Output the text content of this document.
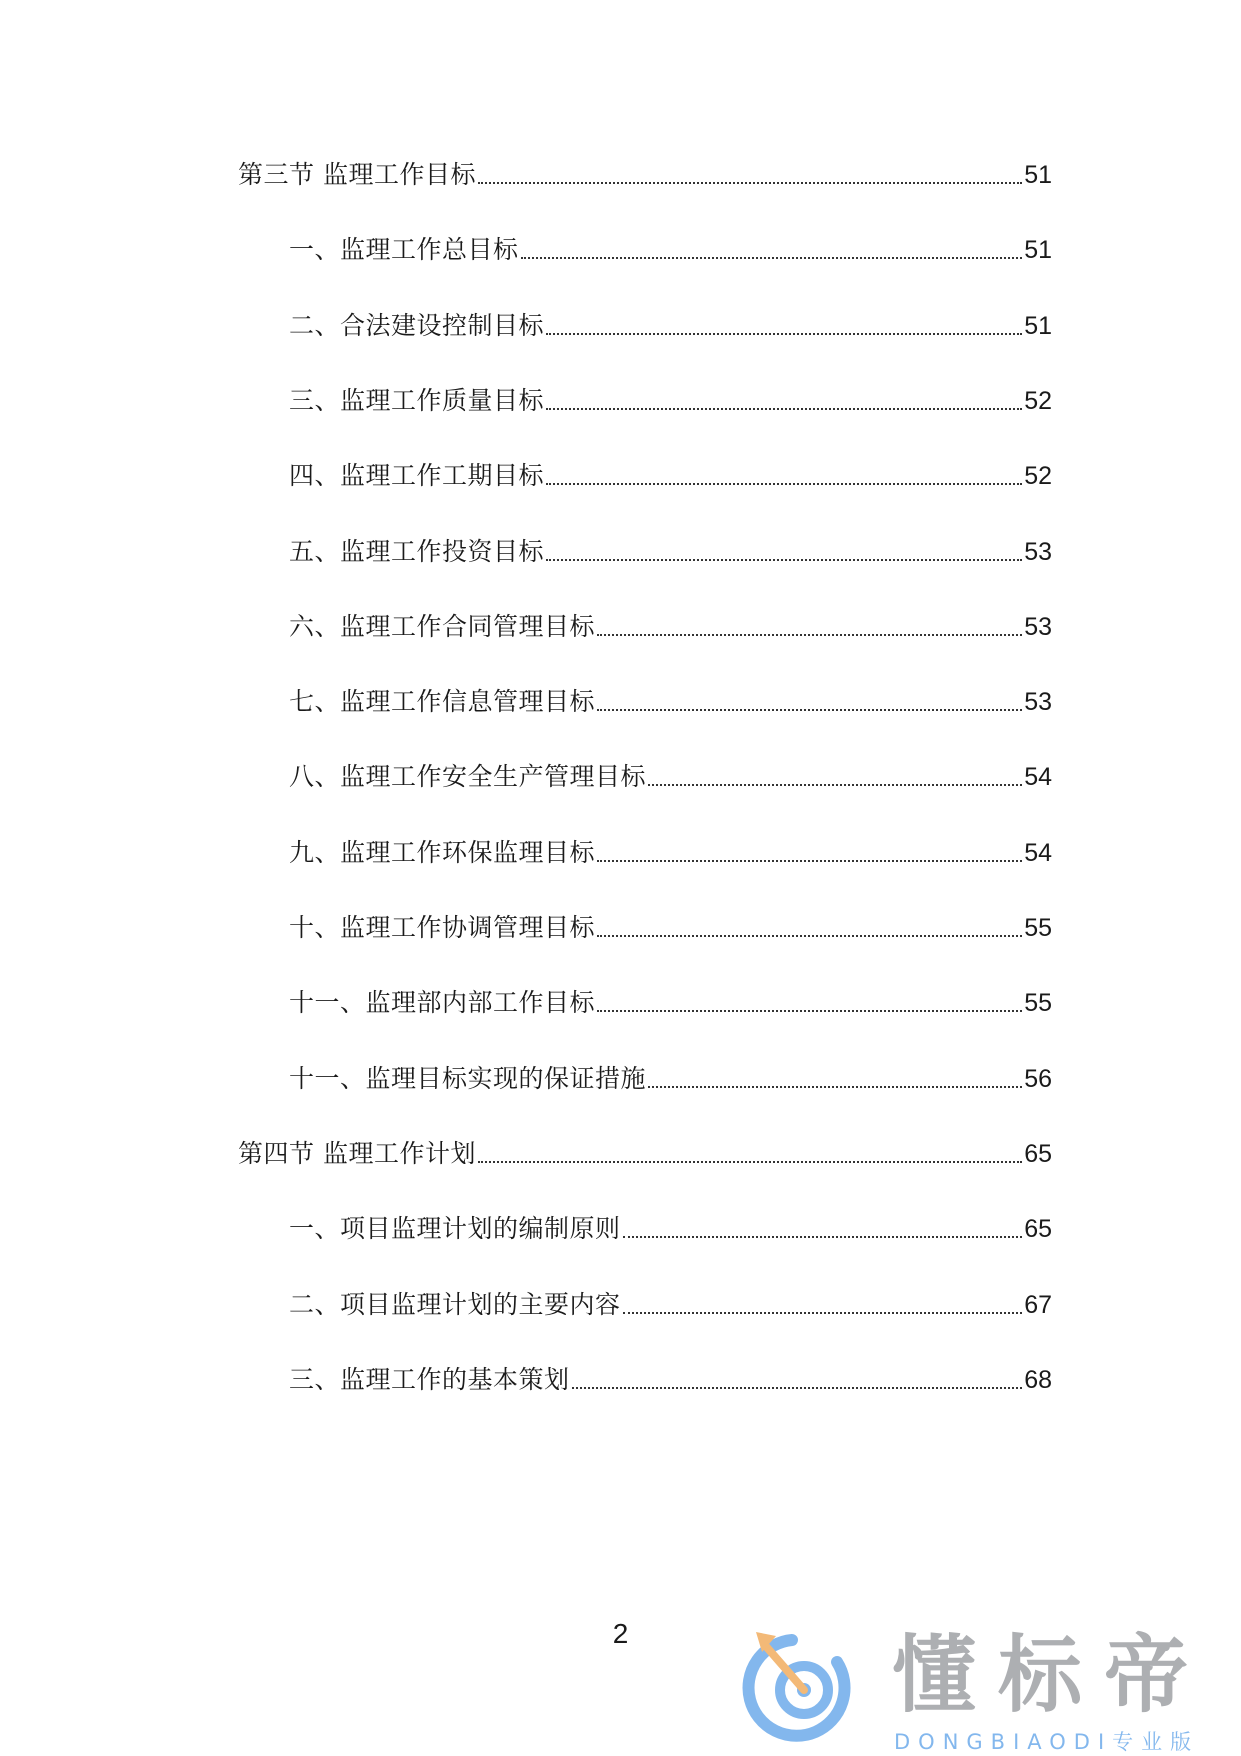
第三节 监理工作目标	51
一、监理工作总目标	51
二、合法建设控制目标	51
三、监理工作质量目标	52
四、监理工作工期目标	52
五、监理工作投资目标	53
六、监理工作合同管理目标	53
七、监理工作信息管理目标	53
八、监理工作安全生产管理目标	54
九、监理工作环保监理目标	54
十、监理工作协调管理目标	55
十一、监理部内部工作目标	55
十一、监理目标实现的保证措施	56
第四节 监理工作计划	65
一、项目监理计划的编制原则	65
二、项目监理计划的主要内容	67
三、监理工作的基本策划	68
2	懂标帝
DONGBIAODI专业版
